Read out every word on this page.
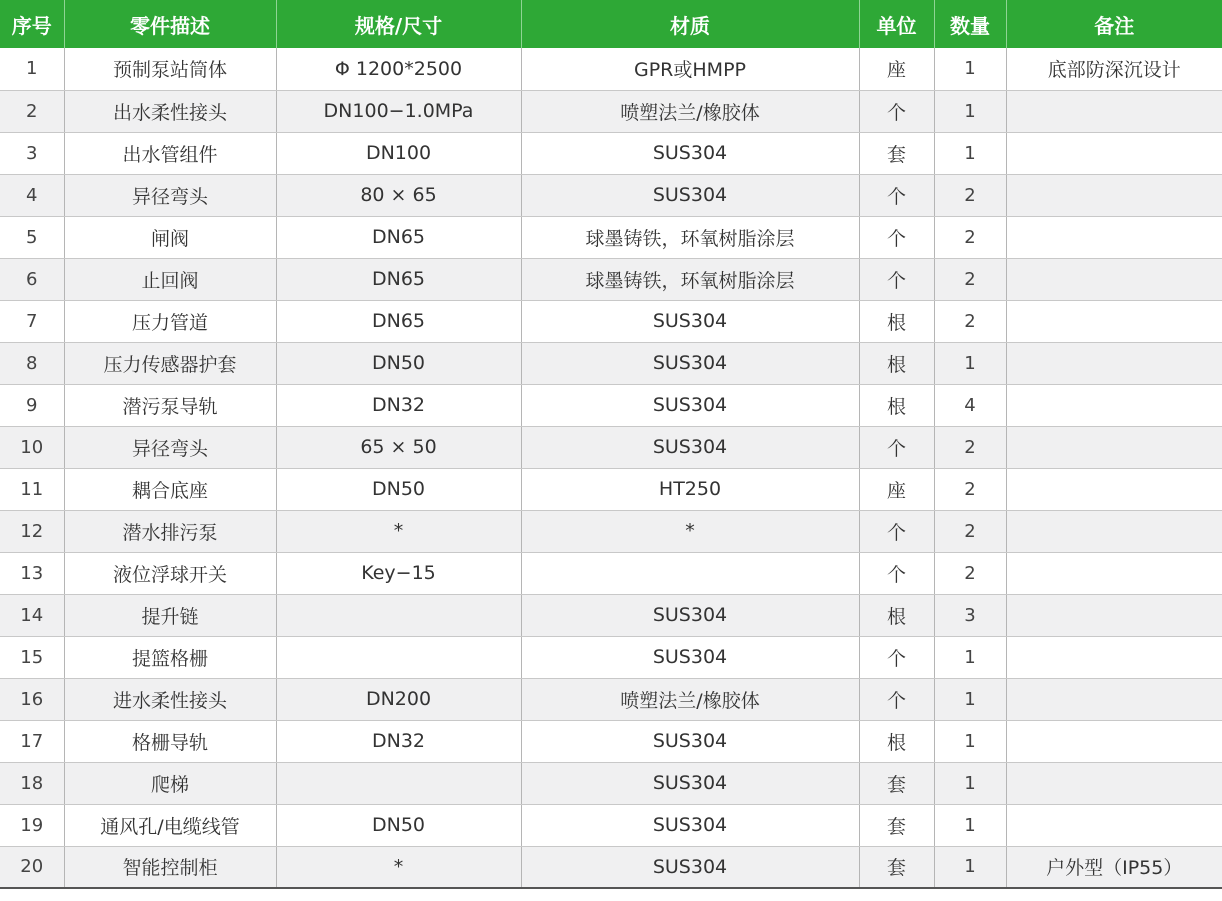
序号	零件描述	规格/尺寸	材质	单位	数量	备注
1	预制泵站筒体	Φ 1200*2500	GPR或HMPP	座	1	底部防深沉设计
2	出水柔性接头	DN100−1.0MPa	喷塑法兰/橡胶体	个	1	
3	出水管组件	DN100	SUS304	套	1	
4	异径弯头	80 × 65	SUS304	个	2	
5	闸阀	DN65	球墨铸铁，环氧树脂涂层	个	2	
6	止回阀	DN65	球墨铸铁，环氧树脂涂层	个	2	
7	压力管道	DN65	SUS304	根	2	
8	压力传感器护套	DN50	SUS304	根	1	
9	潜污泵导轨	DN32	SUS304	根	4	
10	异径弯头	65 × 50	SUS304	个	2	
11	耦合底座	DN50	HT250	座	2	
12	潜水排污泵	*	*	个	2	
13	液位浮球开关	Key−15		个	2	
14	提升链		SUS304	根	3	
15	提篮格栅		SUS304	个	1	
16	进水柔性接头	DN200	喷塑法兰/橡胶体	个	1	
17	格栅导轨	DN32	SUS304	根	1	
18	爬梯		SUS304	套	1	
19	通风孔/电缆线管	DN50	SUS304	套	1	
20	智能控制柜	*	SUS304	套	1	户外型（IP55）
